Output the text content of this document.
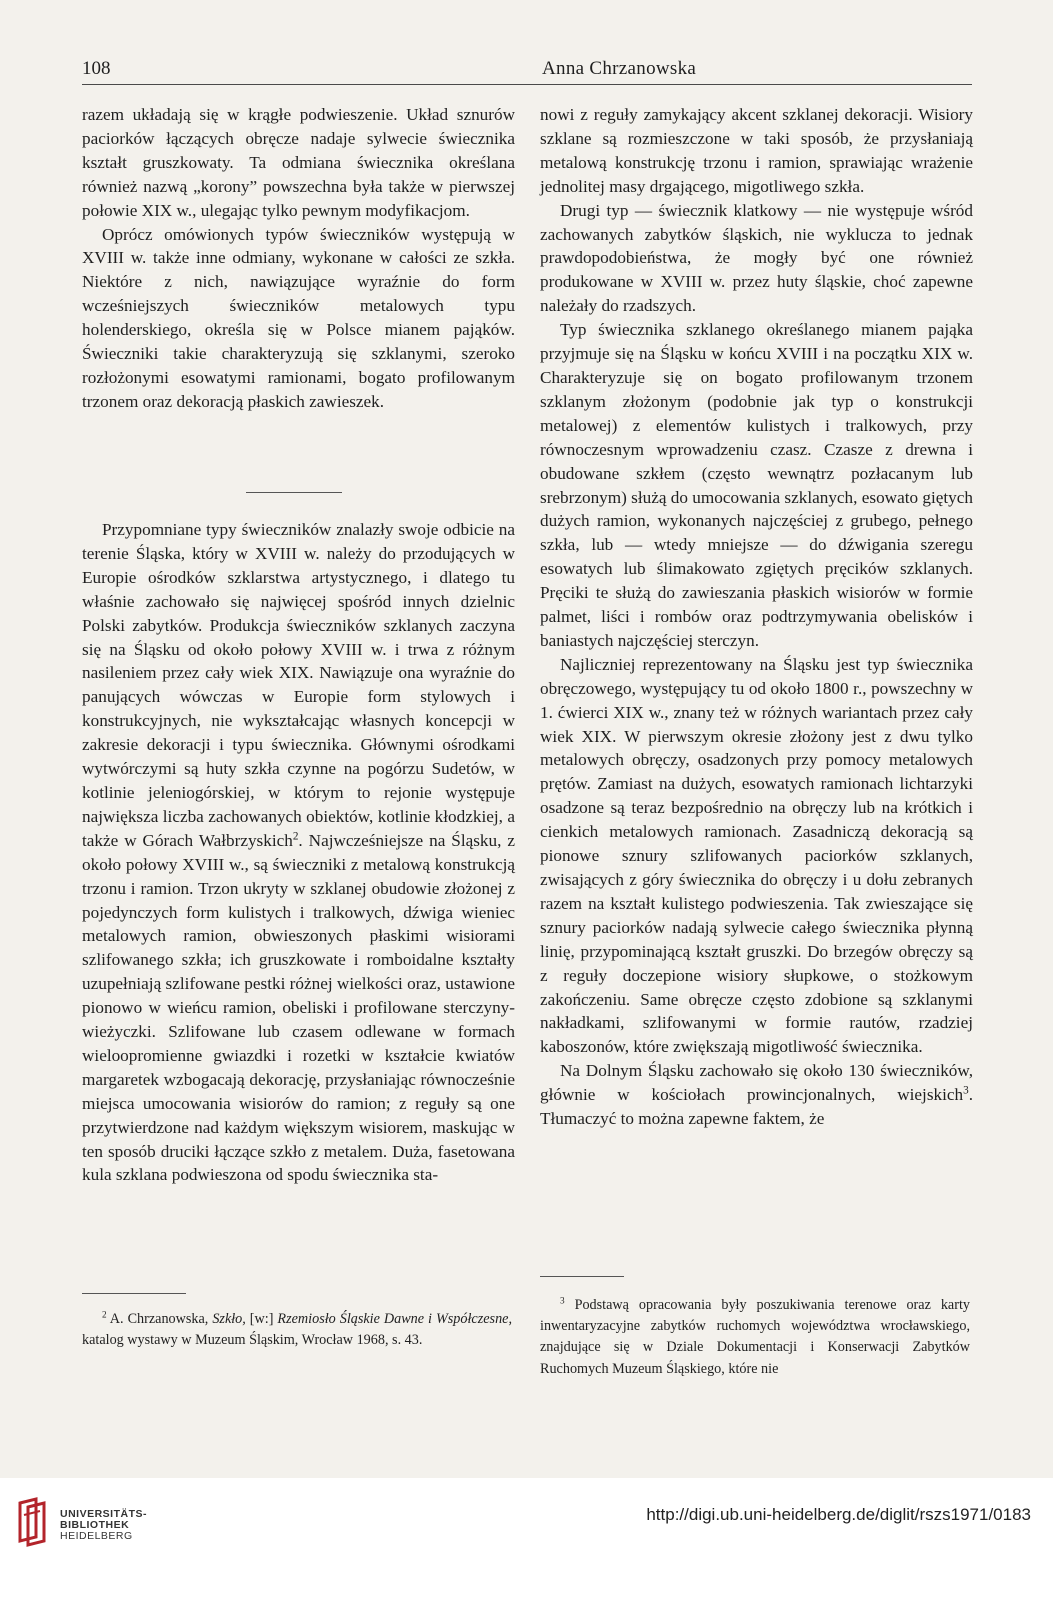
108	Anna Chrzanowska

razem układają się w krągłe podwieszenie. Układ sznurów paciorków łączących obręcze nadaje sylwecie świecznika kształt gruszkowaty. Ta odmiana świecznika określana również nazwą „korony” powszechna była także w pierwszej połowie XIX w., ulegając tylko pewnym modyfikacjom.

Oprócz omówionych typów świeczników występują w XVIII w. także inne odmiany, wykonane w całości ze szkła. Niektóre z nich, nawiązujące wyraźnie do form wcześniejszych świeczników metalowych typu holenderskiego, określa się w Polsce mianem pająków. Świeczniki takie charakteryzują się szklanymi, szeroko rozłożonymi esowatymi ramionami, bogato profilowanym trzonem oraz dekoracją płaskich zawieszek.

Przypomniane typy świeczników znalazły swoje odbicie na terenie Śląska, który w XVIII w. należy do przodujących w Europie ośrodków szklarstwa artystycznego, i dlatego tu właśnie zachowało się najwięcej spośród innych dzielnic Polski zabytków. Produkcja świeczników szklanych zaczyna się na Śląsku od około połowy XVIII w. i trwa z różnym nasileniem przez cały wiek XIX. Nawiązuje ona wyraźnie do panujących wówczas w Europie form stylowych i konstrukcyjnych, nie wykształcając własnych koncepcji w zakresie dekoracji i typu świecznika. Głównymi ośrodkami wytwórczymi są huty szkła czynne na pogórzu Sudetów, w kotlinie jeleniogórskiej, w którym to rejonie występuje największa liczba zachowanych obiektów, kotlinie kłodzkiej, a także w Górach Wałbrzyskich$^2$. Najwcześniejsze na Śląsku, z około połowy XVIII w., są świeczniki z metalową konstrukcją trzonu i ramion. Trzon ukryty w szklanej obudowie złożonej z pojedynczych form kulistych i tralkowych, dźwiga wieniec metalowych ramion, obwieszonych płaskimi wisiorami szlifowanego szkła; ich gruszkowate i romboidalne kształty uzupełniają szlifowane pestki różnej wielkości oraz, ustawione pionowo w wieńcu ramion, obeliski i profilowane sterczyny-wieżyczki. Szlifowane lub czasem odlewane w formach wieloopromienne gwiazdki i rozetki w kształcie kwiatów margaretek wzbogacają dekorację, przysłaniając równocześnie miejsca umocowania wisiorów do ramion; z reguły są one przytwierdzone nad każdym większym wisiorem, maskując w ten sposób druciki łączące szkło z metalem. Duża, fasetowana kula szklana podwieszona od spodu świecznika sta-

nowi z reguły zamykający akcent szklanej dekoracji. Wisiory szklane są rozmieszczone w taki sposób, że przysłaniają metalową konstrukcję trzonu i ramion, sprawiając wrażenie jednolitej masy drgającego, migotliwego szkła.

Drugi typ — świecznik klatkowy — nie występuje wśród zachowanych zabytków śląskich, nie wyklucza to jednak prawdopodobieństwa, że mogły być one również produkowane w XVIII w. przez huty śląskie, choć zapewne należały do rzadszych.

Typ świecznika szklanego określanego mianem pająka przyjmuje się na Śląsku w końcu XVIII i na początku XIX w. Charakteryzuje się on bogato profilowanym trzonem szklanym złożonym (podobnie jak typ o konstrukcji metalowej) z elementów kulistych i tralkowych, przy równoczesnym wprowadzeniu czasz. Czasze z drewna i obudowane szkłem (często wewnątrz pozłacanym lub srebrzonym) służą do umocowania szklanych, esowato giętych dużych ramion, wykonanych najczęściej z grubego, pełnego szkła, lub — wtedy mniejsze — do dźwigania szeregu esowatych lub ślimakowato zgiętych pręcików szklanych. Pręciki te służą do zawieszania płaskich wisiorów w formie palmet, liści i rombów oraz podtrzymywania obelisków i baniastych najczęściej sterczyn.

Najliczniej reprezentowany na Śląsku jest typ świecznika obręczowego, występujący tu od około 1800 r., powszechny w 1. ćwierci XIX w., znany też w różnych wariantach przez cały wiek XIX. W pierwszym okresie złożony jest z dwu tylko metalowych obręczy, osadzonych przy pomocy metalowych prętów. Zamiast na dużych, esowatych ramionach lichtarzyki osadzone są teraz bezpośrednio na obręczy lub na krótkich i cienkich metalowych ramionach. Zasadniczą dekoracją są pionowe sznury szlifowanych paciorków szklanych, zwisających z góry świecznika do obręczy i u dołu zebranych razem na kształt kulistego podwieszenia. Tak zwieszające się sznury paciorków nadają sylwecie całego świecznika płynną linię, przypominającą kształt gruszki. Do brzegów obręczy są z reguły doczepione wisiory słupkowe, o stożkowym zakończeniu. Same obręcze często zdobione są szklanymi nakładkami, szlifowanymi w formie rautów, rzadziej kaboszonów, które zwiększają migotliwość świecznika.

Na Dolnym Śląsku zachowało się około 130 świeczników, głównie w kościołach prowincjonalnych, wiejskich$^3$. Tłumaczyć to można zapewne faktem, że

$^2$ A. Chrzanowska, Szkło, [w:] Rzemiosło Śląskie Dawne i Współczesne, katalog wystawy w Muzeum Śląskim, Wrocław 1968, s. 43.

$^3$ Podstawą opracowania były poszukiwania terenowe oraz karty inwentaryzacyjne zabytków ruchomych województwa wrocławskiego, znajdujące się w Dziale Dokumentacji i Konserwacji Zabytków Ruchomych Muzeum Śląskiego, które nie

UNIVERSITÄTS-
BIBLIOTHEK
HEIDELBERG
http://digi.ub.uni-heidelberg.de/diglit/rszs1971/0183
